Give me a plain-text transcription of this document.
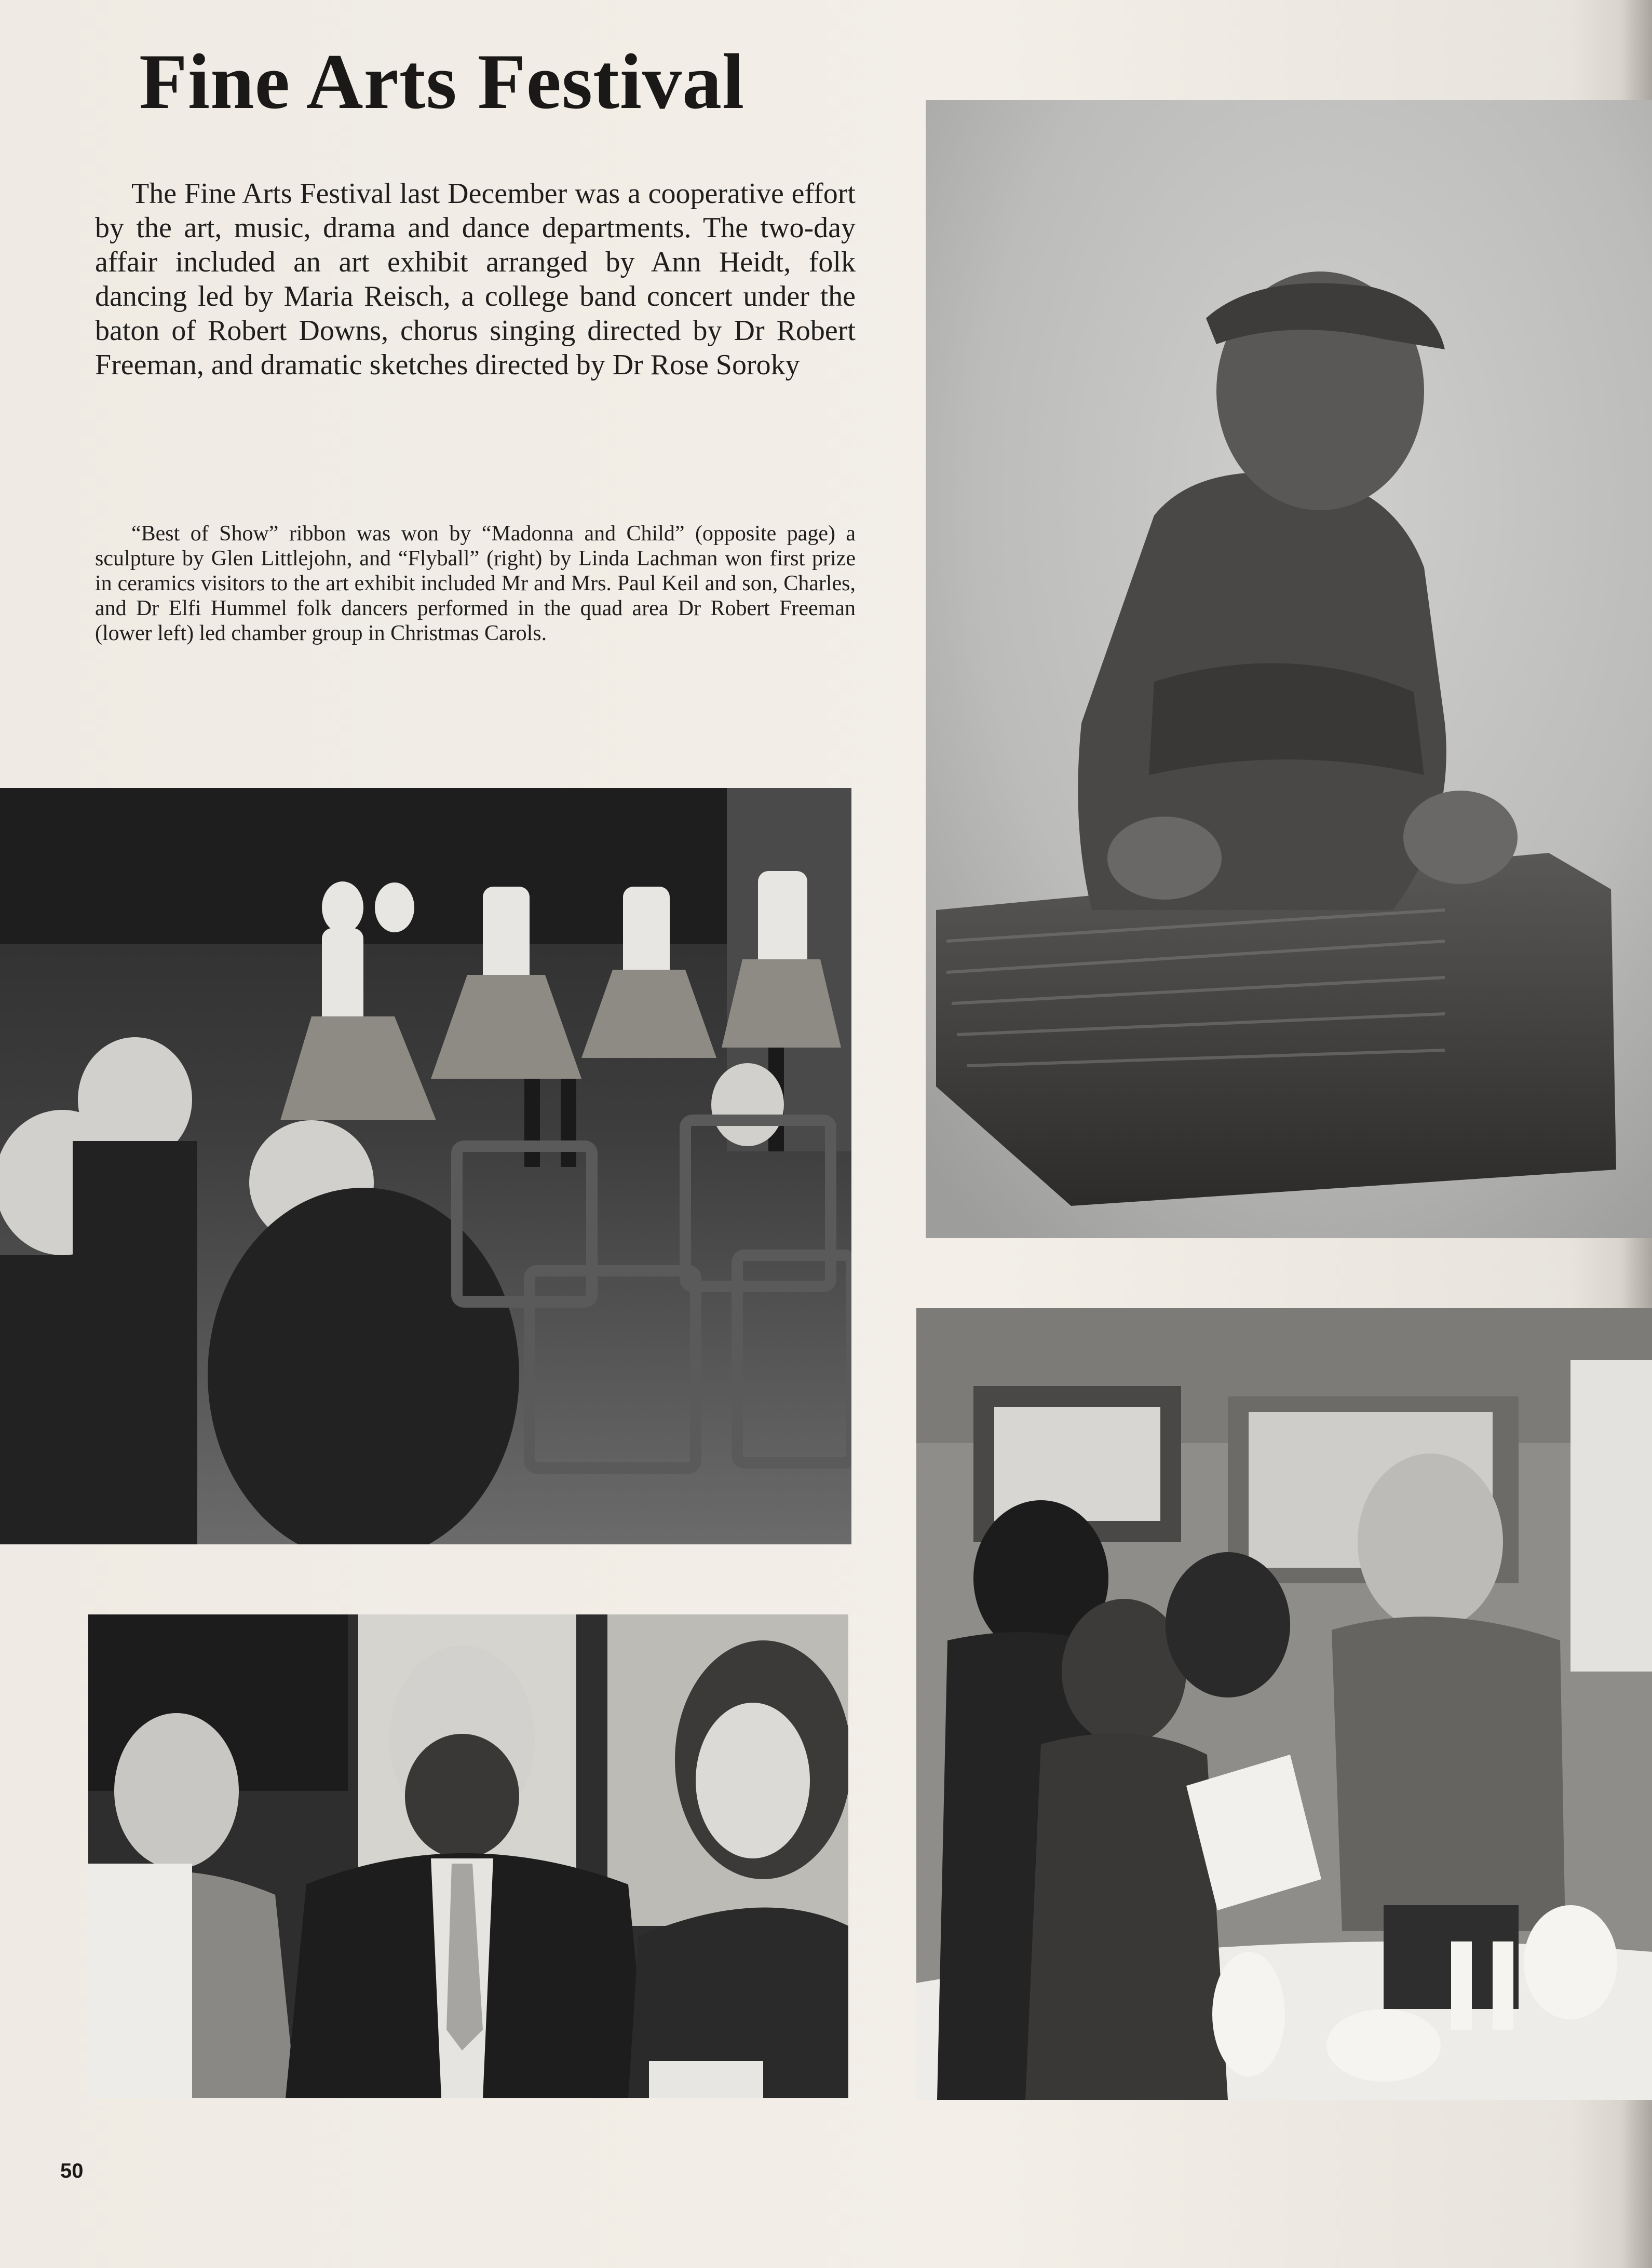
Fine Arts Festival

The Fine Arts Festival last December was a cooperative effort by the art, music, drama and dance departments. The two-day affair included an art exhibit arranged by Ann Heidt, folk dancing led by Maria Reisch, a college band concert under the baton of Robert Downs, chorus singing directed by Dr Robert Freeman, and dramatic sketches directed by Dr Rose Soroky

“Best of Show” ribbon was won by “Madonna and Child” (opposite page) a sculpture by Glen Littlejohn, and “Flyball” (right) by Linda Lachman won first prize in ceramics visitors to the art exhibit included Mr and Mrs. Paul Keil and son, Charles, and Dr Elfi Hummel folk dancers performed in the quad area Dr Robert Freeman (lower left) led chamber group in Christmas Carols.

50
